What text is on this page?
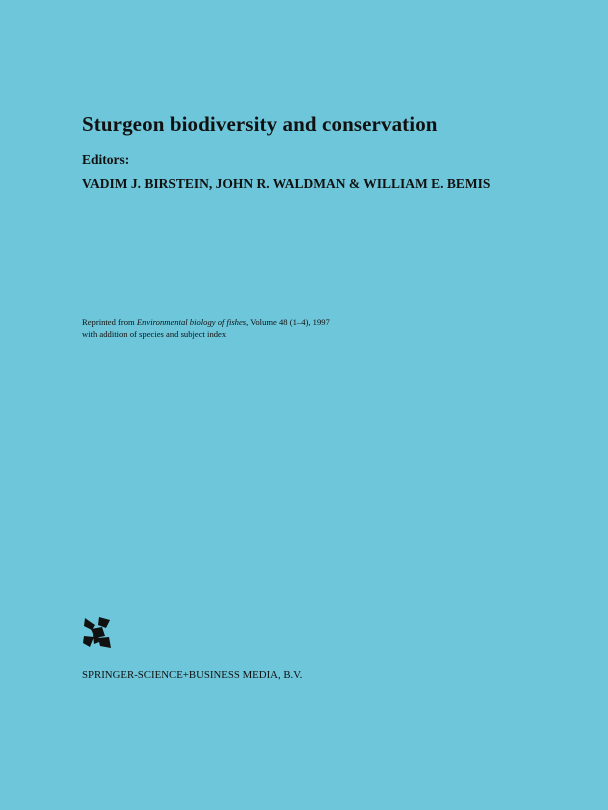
Sturgeon biodiversity and conservation
Editors:
VADIM J. BIRSTEIN, JOHN R. WALDMAN & WILLIAM E. BEMIS
Reprinted from Environmental biology of fishes, Volume 48 (1–4), 1997
with addition of species and subject index
SPRINGER-SCIENCE+BUSINESS MEDIA, B.V.
